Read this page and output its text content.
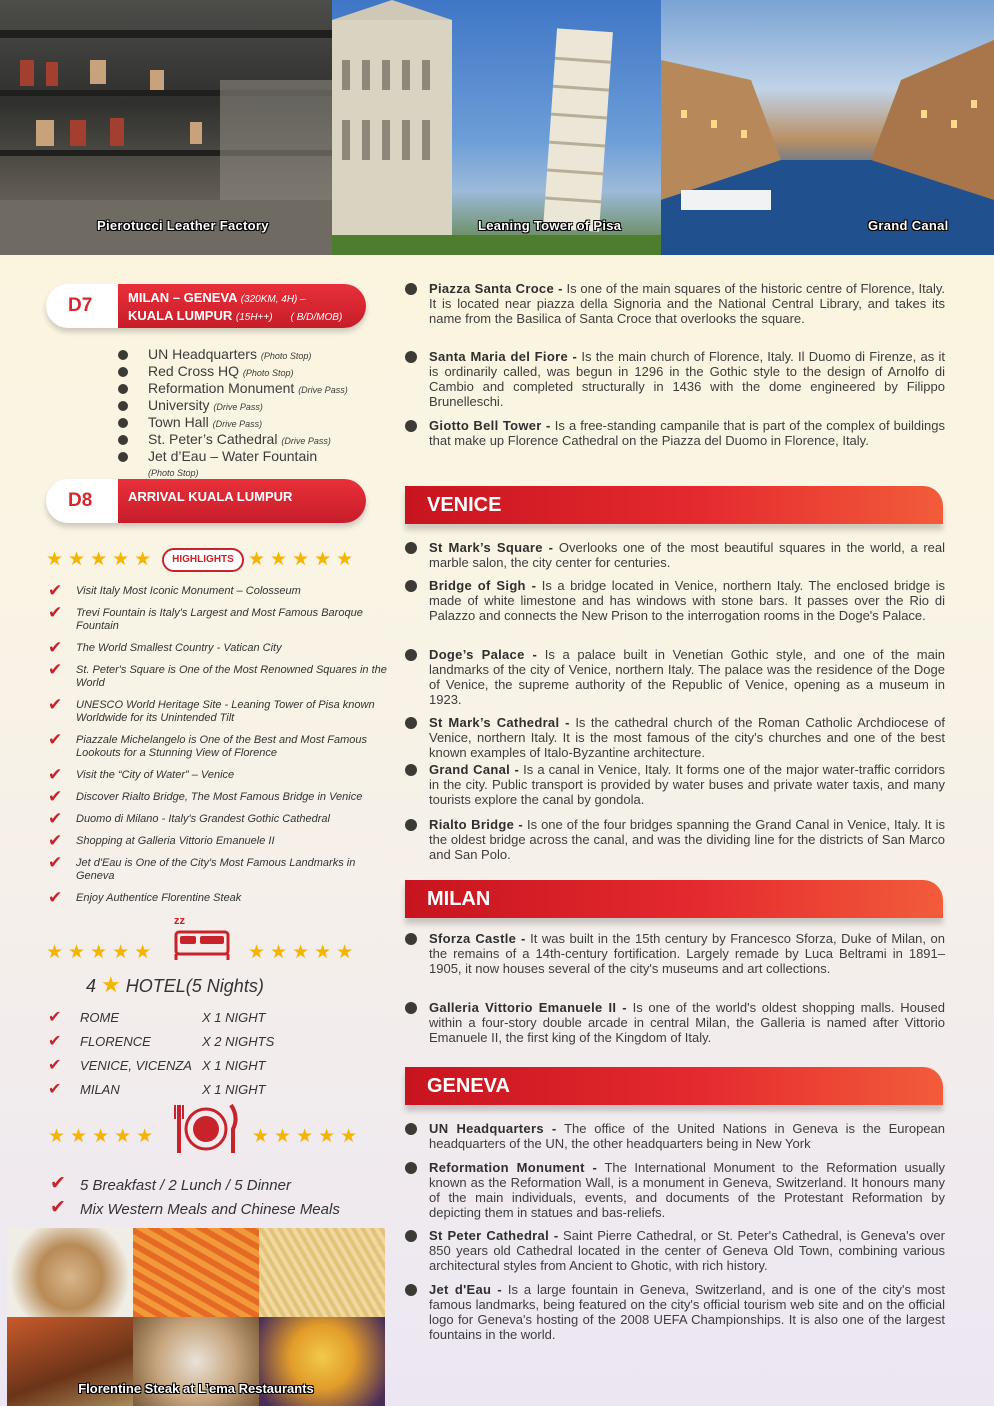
Pierotucci Leather Factory	Leaning Tower of Pisa	Grand Canal
D7	MILAN – GENEVA (320KM, 4H) –
KUALA LUMPUR (15H++) ( B/D/MOB)
UN Headquarters (Photo Stop)
Red Cross HQ (Photo Stop)
Reformation Monument (Drive Pass)
University (Drive Pass)
Town Hall (Drive Pass)
St. Peter’s Cathedral (Drive Pass)
Jet d’Eau – Water Fountain
(Photo Stop)
D8	ARRIVAL KUALA LUMPUR
★★★★★	HIGHLIGHTS ★★★★★
✔ Visit Italy Most Iconic Monument – Colosseum
✔ Trevi Fountain is Italy's Largest and Most Famous Baroque Fountain
✔ The World Smallest Country - Vatican City
✔ St. Peter's Square is One of the Most Renowned Squares in the World
✔ UNESCO World Heritage Site - Leaning Tower of Pisa known Worldwide for its Unintended Tilt
✔ Piazzale Michelangelo is One of the Best and Most Famous Lookouts for a Stunning View of Florence
✔ Visit the “City of Water” – Venice
✔ Discover Rialto Bridge, The Most Famous Bridge in Venice
✔ Duomo di Milano - Italy's Grandest Gothic Cathedral
✔ Shopping at Galleria Vittorio Emanuele II
✔ Jet d'Eau is One of the City's Most Famous Landmarks in Geneva
✔ Enjoy Authentice Florentine Steak
★★★★★
zz
★★★★★
4 ★ HOTEL(5 Nights)
✔	ROME	X 1 NIGHT
✔	FLORENCE	X 2 NIGHTS
✔	VENICE, VICENZA	X 1 NIGHT
✔	MILAN	X 1 NIGHT
★★★★★	★★★★★
✔ 5 Breakfast / 2 Lunch / 5 Dinner
✔ Mix Western Meals and Chinese Meals
Florentine Steak at L’ema Restaurants
Piazza Santa Croce - Is one of the main squares of the historic centre of Florence, Italy. It is located near piazza della Signoria and the National Central Library, and takes its name from the Basilica of Santa Croce that overlooks the square.
Santa Maria del Fiore - Is the main church of Florence, Italy. Il Duomo di Firenze, as it is ordinarily called, was begun in 1296 in the Gothic style to the design of Arnolfo di Cambio and completed structurally in 1436 with the dome engineered by Filippo Brunelleschi.
Giotto Bell Tower - Is a free-standing campanile that is part of the complex of buildings that make up Florence Cathedral on the Piazza del Duomo in Florence, Italy.
VENICE
St Mark’s Square - Overlooks one of the most beautiful squares in the world, a real marble salon, the city center for centuries.
Bridge of Sigh - Is a bridge located in Venice, northern Italy. The enclosed bridge is made of white limestone and has windows with stone bars. It passes over the Rio di Palazzo and connects the New Prison to the interrogation rooms in the Doge's Palace.
Doge’s Palace - Is a palace built in Venetian Gothic style, and one of the main landmarks of the city of Venice, northern Italy. The palace was the residence of the Doge of Venice, the supreme authority of the Republic of Venice, opening as a museum in 1923.
St Mark’s Cathedral - Is the cathedral church of the Roman Catholic Archdiocese of Venice, northern Italy. It is the most famous of the city's churches and one of the best known examples of Italo-Byzantine architecture.
Grand Canal - Is a canal in Venice, Italy. It forms one of the major water-traffic corridors in the city. Public transport is provided by water buses and private water taxis, and many tourists explore the canal by gondola.
Rialto Bridge - Is one of the four bridges spanning the Grand Canal in Venice, Italy. It is the oldest bridge across the canal, and was the dividing line for the districts of San Marco and San Polo.
MILAN
Sforza Castle - It was built in the 15th century by Francesco Sforza, Duke of Milan, on the remains of a 14th-century fortification. Largely remade by Luca Beltrami in 1891–1905, it now houses several of the city's museums and art collections.
Galleria Vittorio Emanuele II - Is one of the world's oldest shopping malls. Housed within a four-story double arcade in central Milan, the Galleria is named after Vittorio Emanuele II, the first king of the Kingdom of Italy.
GENEVA
UN Headquarters - The office of the United Nations in Geneva is the European headquarters of the UN, the other headquarters being in New York
Reformation Monument - The International Monument to the Reformation usually known as the Reformation Wall, is a monument in Geneva, Switzerland. It honours many of the main individuals, events, and documents of the Protestant Reformation by depicting them in statues and bas-reliefs.
St Peter Cathedral - Saint Pierre Cathedral, or St. Peter's Cathedral, is Geneva's over 850 years old Cathedral located in the center of Geneva Old Town, combining various architectural styles from Ancient to Ghotic, with rich history.
Jet d'Eau - Is a large fountain in Geneva, Switzerland, and is one of the city's most famous landmarks, being featured on the city's official tourism web site and on the official logo for Geneva's hosting of the 2008 UEFA Championships. It is also one of the largest fountains in the world.
